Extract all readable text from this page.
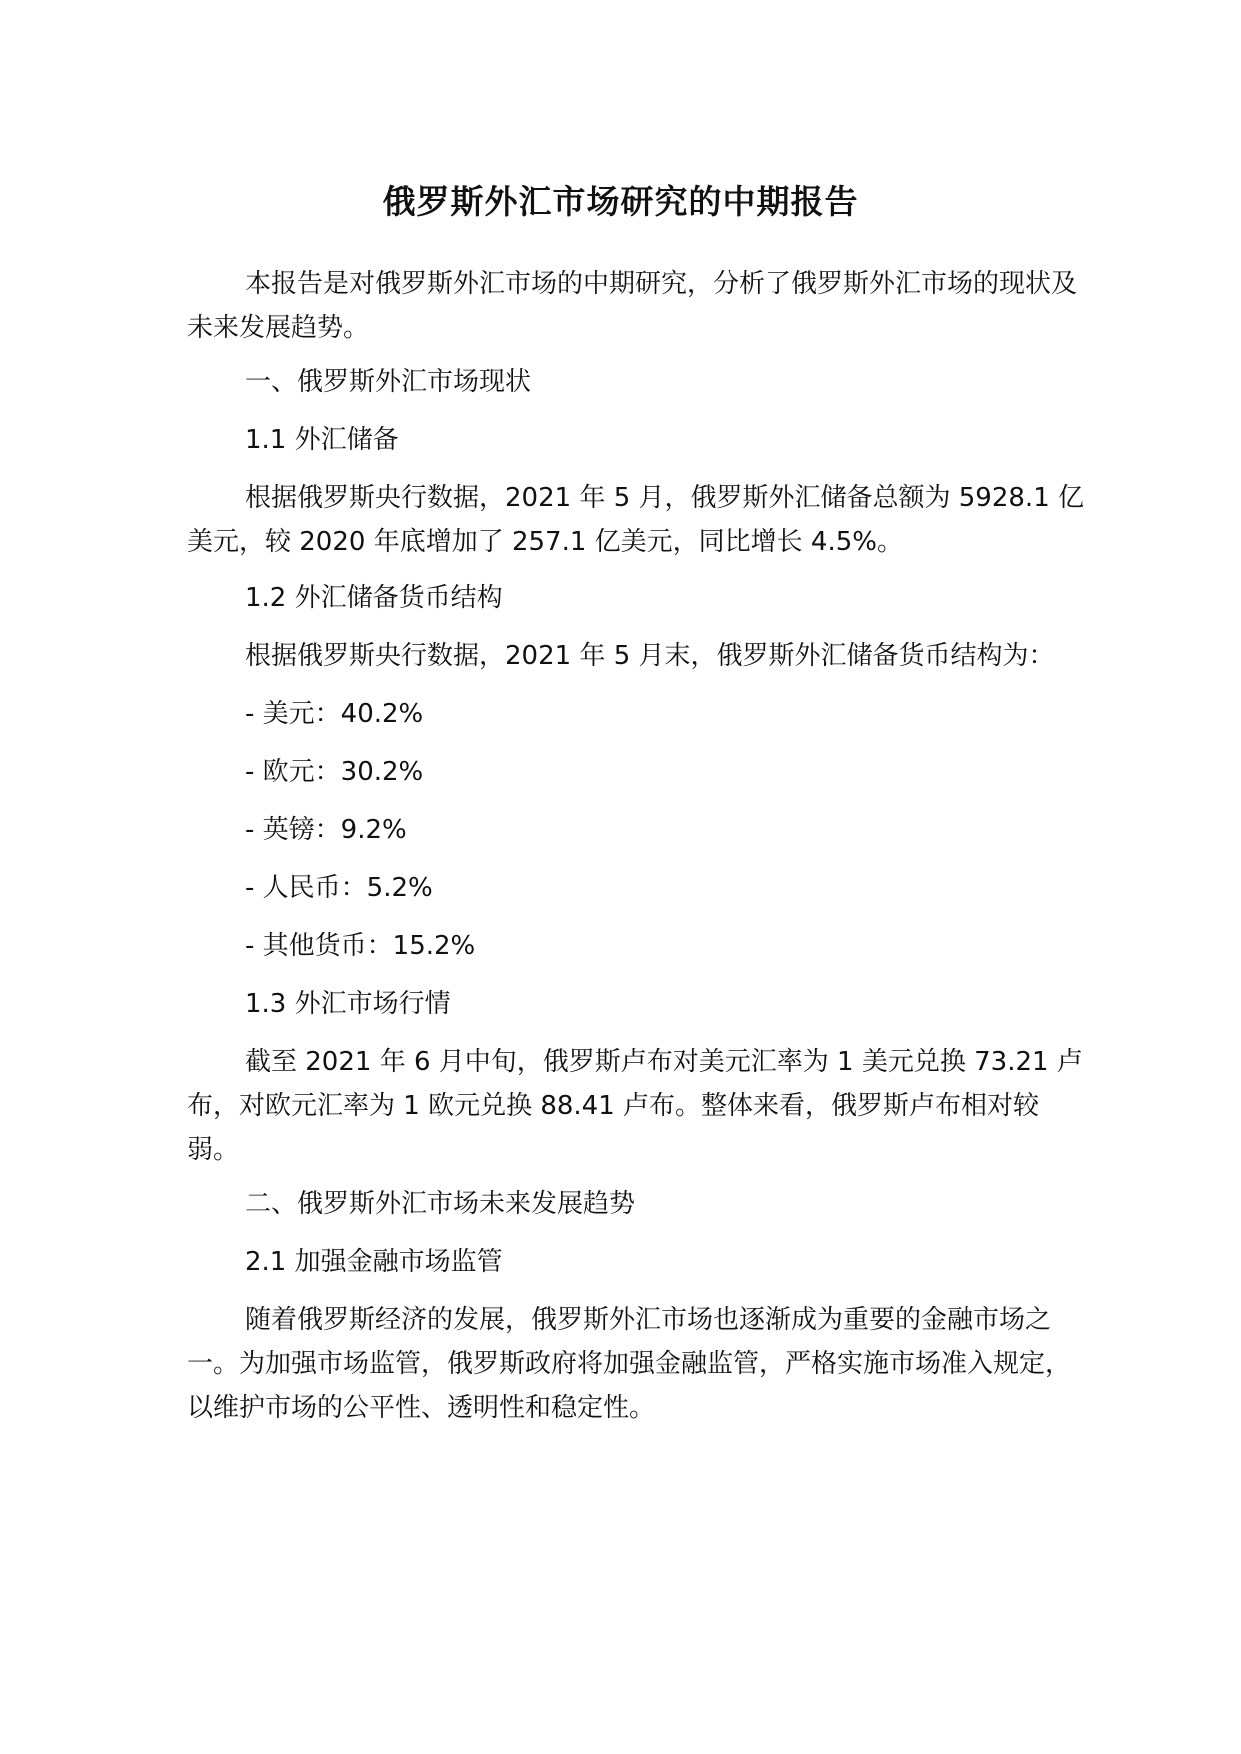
俄罗斯外汇市场研究的中期报告
本报告是对俄罗斯外汇市场的中期研究，分析了俄罗斯外汇市场的现状及未来发展趋势。
一、俄罗斯外汇市场现状
1.1 外汇储备
根据俄罗斯央行数据，2021 年 5 月，俄罗斯外汇储备总额为 5928.1 亿美元，较 2020 年底增加了 257.1 亿美元，同比增长 4.5%。
1.2 外汇储备货币结构
根据俄罗斯央行数据，2021 年 5 月末，俄罗斯外汇储备货币结构为：
- 美元：40.2%
- 欧元：30.2%
- 英镑：9.2%
- 人民币：5.2%
- 其他货币：15.2%
1.3 外汇市场行情
截至 2021 年 6 月中旬，俄罗斯卢布对美元汇率为 1 美元兑换 73.21 卢布，对欧元汇率为 1 欧元兑换 88.41 卢布。整体来看，俄罗斯卢布相对较弱。
二、俄罗斯外汇市场未来发展趋势
2.1 加强金融市场监管
随着俄罗斯经济的发展，俄罗斯外汇市场也逐渐成为重要的金融市场之一。为加强市场监管，俄罗斯政府将加强金融监管，严格实施市场准入规定，以维护市场的公平性、透明性和稳定性。
